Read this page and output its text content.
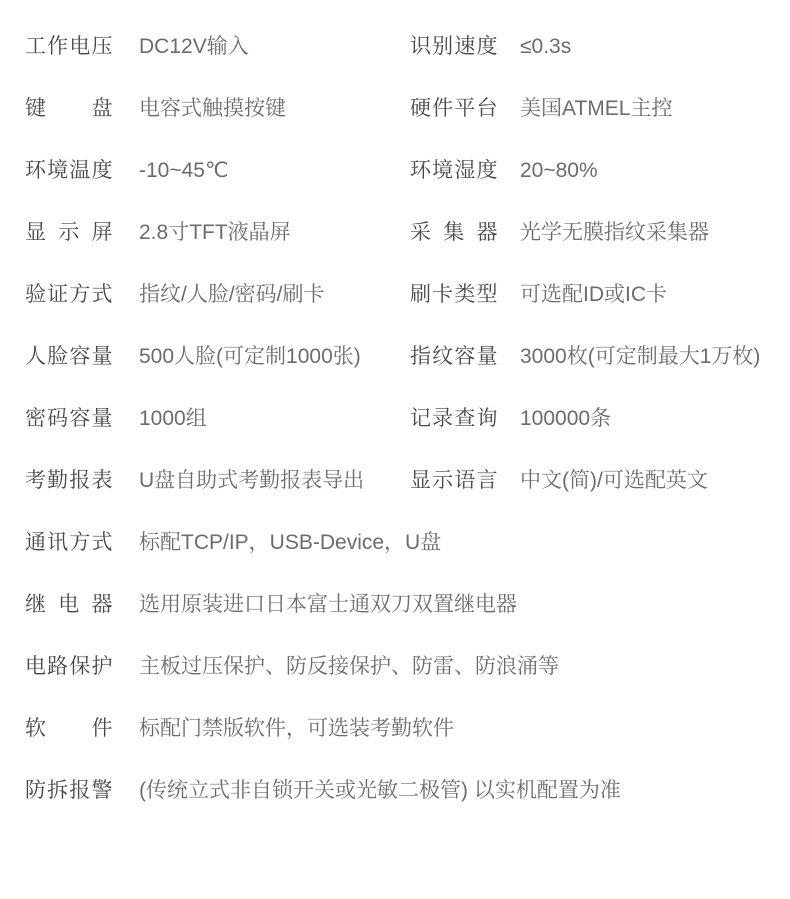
工作电压 DC12V输入	识别速度 ≤0.3s
键盘 电容式触摸按键	硬件平台 美国ATMEL主控
环境温度 -10~45℃	环境湿度 20~80%
显示屏 2.8寸TFT液晶屏	采集器 光学无膜指纹采集器
验证方式 指纹/人脸/密码/刷卡	刷卡类型 可选配ID或IC卡
人脸容量 500人脸(可定制1000张) 指纹容量 3000枚(可定制最大1万枚)
密码容量 1000组	记录查询 100000条
考勤报表 U盘自助式考勤报表导出 显示语言 中文(简)/可选配英文
通讯方式 标配TCP/IP，USB-Device，U盘
继电器 选用原装进口日本富士通双刀双置继电器
电路保护 主板过压保护、防反接保护、防雷、防浪涌等
软件 标配门禁版软件，可选装考勤软件
防拆报警 (传统立式非自锁开关或光敏二极管) 以实机配置为准
